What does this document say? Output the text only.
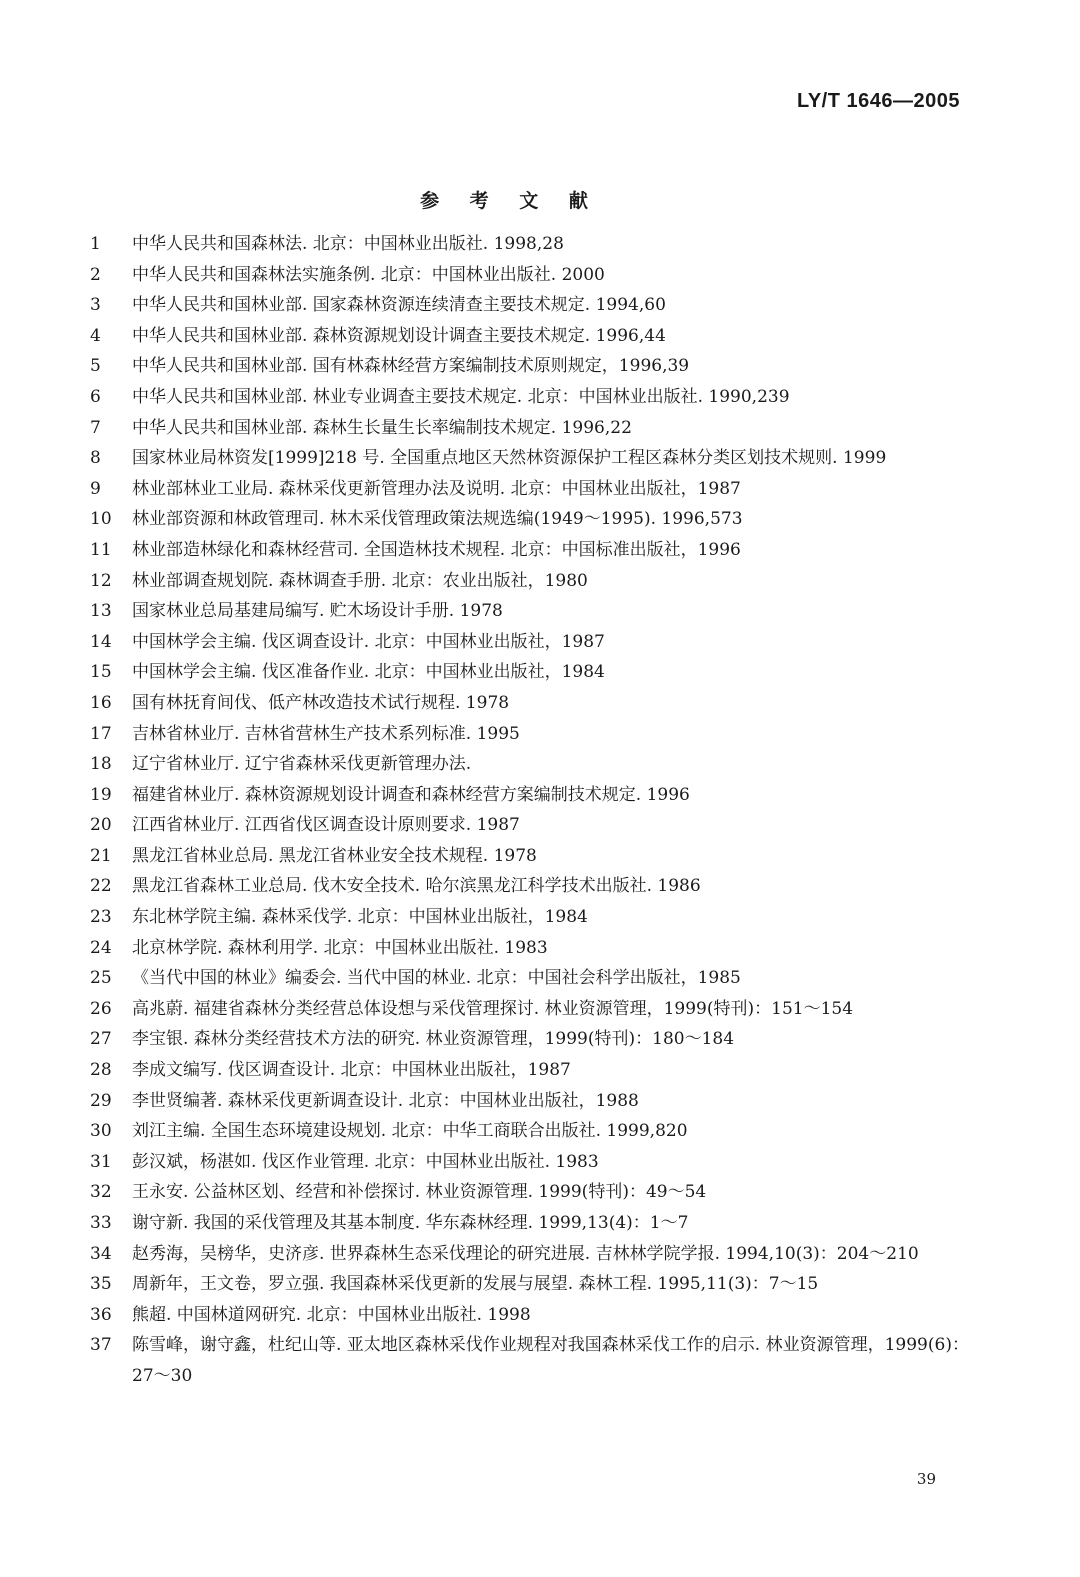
LY/T 1646—2005
参 考 文 献
1	中华人民共和国森林法. 北京：中国林业出版社. 1998,28
2	中华人民共和国森林法实施条例. 北京：中国林业出版社. 2000
3	中华人民共和国林业部. 国家森林资源连续清查主要技术规定. 1994,60
4	中华人民共和国林业部. 森林资源规划设计调查主要技术规定. 1996,44
5	中华人民共和国林业部. 国有林森林经营方案编制技术原则规定，1996,39
6	中华人民共和国林业部. 林业专业调查主要技术规定. 北京：中国林业出版社. 1990,239
7	中华人民共和国林业部. 森林生长量生长率编制技术规定. 1996,22
8	国家林业局林资发[1999]218 号. 全国重点地区天然林资源保护工程区森林分类区划技术规则. 1999
9	林业部林业工业局. 森林采伐更新管理办法及说明. 北京：中国林业出版社，1987
10	林业部资源和林政管理司. 林木采伐管理政策法规选编(1949～1995). 1996,573
11	林业部造林绿化和森林经营司. 全国造林技术规程. 北京：中国标准出版社，1996
12	林业部调查规划院. 森林调查手册. 北京：农业出版社，1980
13	国家林业总局基建局编写. 贮木场设计手册. 1978
14	中国林学会主编. 伐区调查设计. 北京：中国林业出版社，1987
15	中国林学会主编. 伐区准备作业. 北京：中国林业出版社，1984
16	国有林抚育间伐、低产林改造技术试行规程. 1978
17	吉林省林业厅. 吉林省营林生产技术系列标准. 1995
18	辽宁省林业厅. 辽宁省森林采伐更新管理办法.
19	福建省林业厅. 森林资源规划设计调查和森林经营方案编制技术规定. 1996
20	江西省林业厅. 江西省伐区调查设计原则要求. 1987
21	黑龙江省林业总局. 黑龙江省林业安全技术规程. 1978
22	黑龙江省森林工业总局. 伐木安全技术. 哈尔滨黑龙江科学技术出版社. 1986
23	东北林学院主编. 森林采伐学. 北京：中国林业出版社，1984
24	北京林学院. 森林利用学. 北京：中国林业出版社. 1983
25	《当代中国的林业》编委会. 当代中国的林业. 北京：中国社会科学出版社，1985
26	高兆蔚. 福建省森林分类经营总体设想与采伐管理探讨. 林业资源管理，1999(特刊)：151～154
27	李宝银. 森林分类经营技术方法的研究. 林业资源管理，1999(特刊)：180～184
28	李成文编写. 伐区调查设计. 北京：中国林业出版社，1987
29	李世贤编著. 森林采伐更新调查设计. 北京：中国林业出版社，1988
30	刘江主编. 全国生态环境建设规划. 北京：中华工商联合出版社. 1999,820
31	彭汉斌，杨湛如. 伐区作业管理. 北京：中国林业出版社. 1983
32	王永安. 公益林区划、经营和补偿探讨. 林业资源管理. 1999(特刊)：49～54
33	谢守新. 我国的采伐管理及其基本制度. 华东森林经理. 1999,13(4)：1～7
34	赵秀海，吴榜华，史济彦. 世界森林生态采伐理论的研究进展. 吉林林学院学报. 1994,10(3)：204～210
35	周新年，王文卷，罗立强. 我国森林采伐更新的发展与展望. 森林工程. 1995,11(3)：7～15
36	熊超. 中国林道网研究. 北京：中国林业出版社. 1998
37	陈雪峰，谢守鑫，杜纪山等. 亚太地区森林采伐作业规程对我国森林采伐工作的启示. 林业资源管理，1999(6)：27～30
39
